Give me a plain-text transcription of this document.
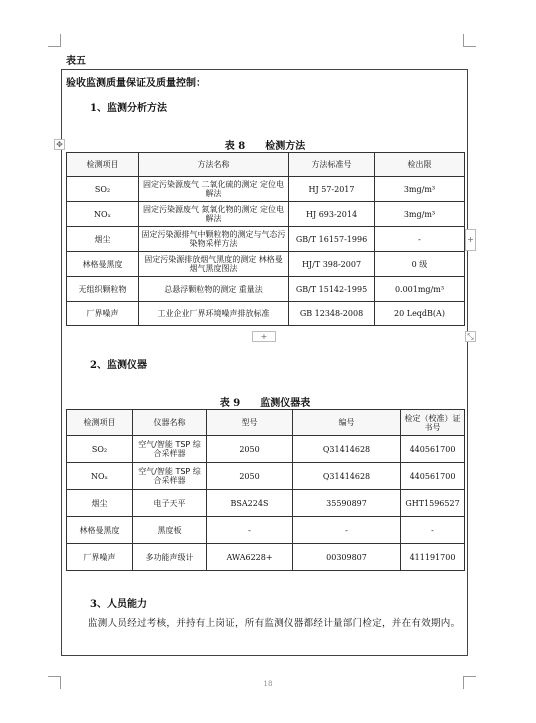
表五
验收监测质量保证及质量控制：
1、监测分析方法
✥	表 8　　检测方法
检测项目	方法名称	方法标准号	检出限
SO₂	固定污染源废气 二氧化硫的测定 定位电解法	HJ 57-2017	3mg/m³
NOₓ	固定污染源废气 氮氧化物的测定 定位电解法	HJ 693-2014	3mg/m³
烟尘	固定污染源排气中颗粒物的测定与气态污染物采样方法	GB/T 16157-1996	-
林格曼黑度	固定污染源排放烟气黑度的测定 林格曼烟气黑度图法	HJ/T 398-2007	0 级
无组织颗粒物	总悬浮颗粒物的测定 重量法	GB/T 15142-1995	0.001mg/m³
厂界噪声	工业企业厂界环境噪声排放标准	GB 12348-2008	20 LeqdB(A)
+
+	⤡
2、监测仪器
表 9　　监测仪器表
检测项目	仪器名称	型号	编号	检定（校准）证书号
SO₂	空气/智能 TSP 综合采样器	2050	Q31414628	440561700
NOₓ	空气/智能 TSP 综合采样器	2050	Q31414628	440561700
烟尘	电子天平	BSA224S	35590897	GHT1596527
林格曼黑度	黑度板	-	-	-
厂界噪声	多功能声级计	AWA6228+	00309807	411191700
3、人员能力
监测人员经过考核，并持有上岗证，所有监测仪器都经计量部门检定，并在有效期内。
18
